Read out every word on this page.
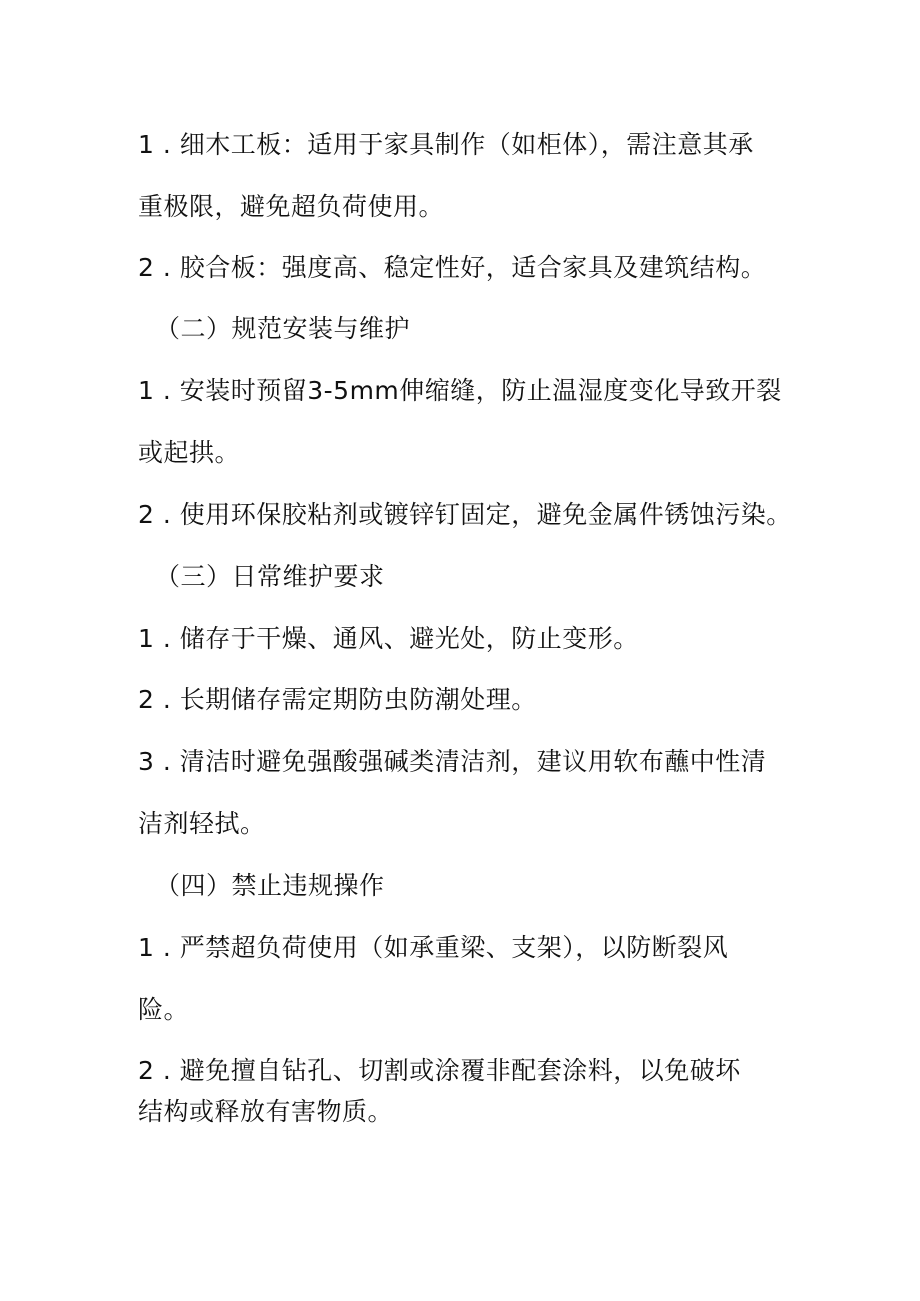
1 . 细木工板：适用于家具制作（如柜体），需注意其承
重极限，避免超负荷使用。
2 . 胶合板：强度高、稳定性好，适合家具及建筑结构。
（二）规范安装与维护
1 . 安装时预留3-5mm伸缩缝，防止温湿度变化导致开裂
或起拱。
2 . 使用环保胶粘剂或镀锌钉固定，避免金属件锈蚀污染。
（三）日常维护要求
1 . 储存于干燥、通风、避光处，防止变形。
2 . 长期储存需定期防虫防潮处理。
3 . 清洁时避免强酸强碱类清洁剂，建议用软布蘸中性清
洁剂轻拭。
（四）禁止违规操作
1 . 严禁超负荷使用（如承重梁、支架），以防断裂风
险。
2 . 避免擅自钻孔、切割或涂覆非配套涂料，以免破坏
结构或释放有害物质。
